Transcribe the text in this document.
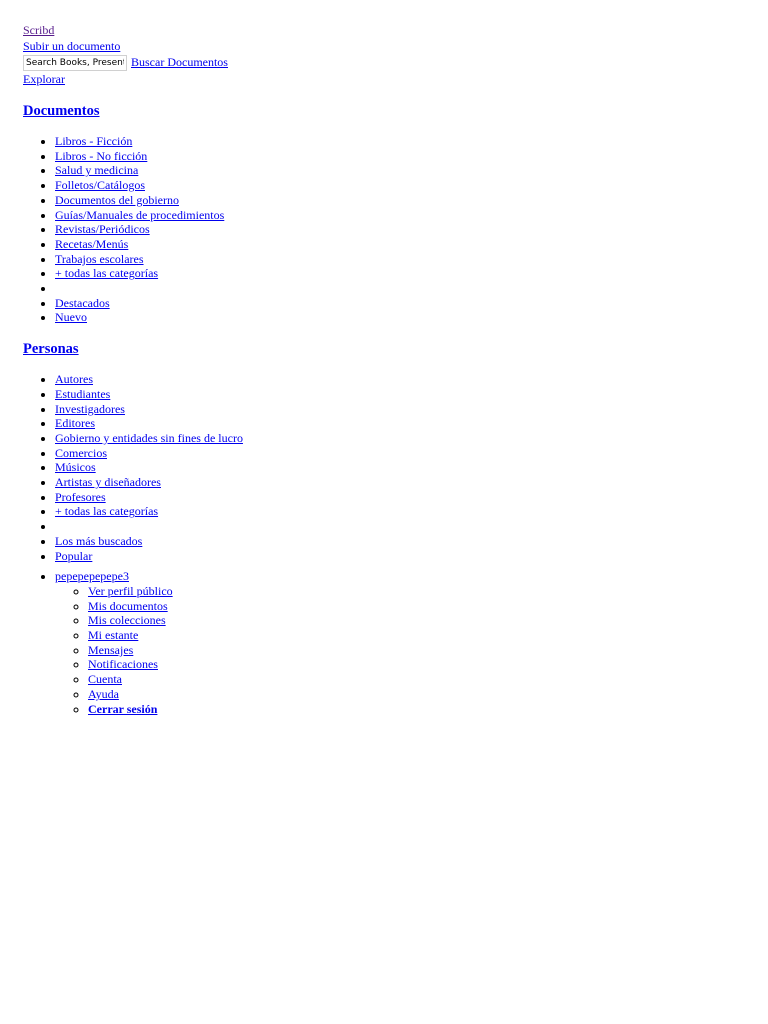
Scribd
Subir un documento
Search Books, Presentations, Business, Academics...
Buscar Documentos
Explorar
Documentos
• Libros - Ficción
• Libros - No ficción
• Salud y medicina
• Folletos/Catálogos
• Documentos del gobierno
• Guías/Manuales de procedimientos
• Revistas/Periódicos
• Recetas/Menús
• Trabajos escolares
• + todas las categorías
•
• Destacados
• Nuevo
Personas
• Autores
• Estudiantes
• Investigadores
• Editores
• Gobierno y entidades sin fines de lucro
• Comercios
• Músicos
• Artistas y diseñadores
• Profesores
• + todas las categorías
•
• Los más buscados
• Popular
• pepepepepepe3
◦ Ver perfil público
◦ Mis documentos
◦ Mis colecciones
◦ Mi estante
◦ Mensajes
◦ Notificaciones
◦ Cuenta
◦ Ayuda
◦ Cerrar sesión
